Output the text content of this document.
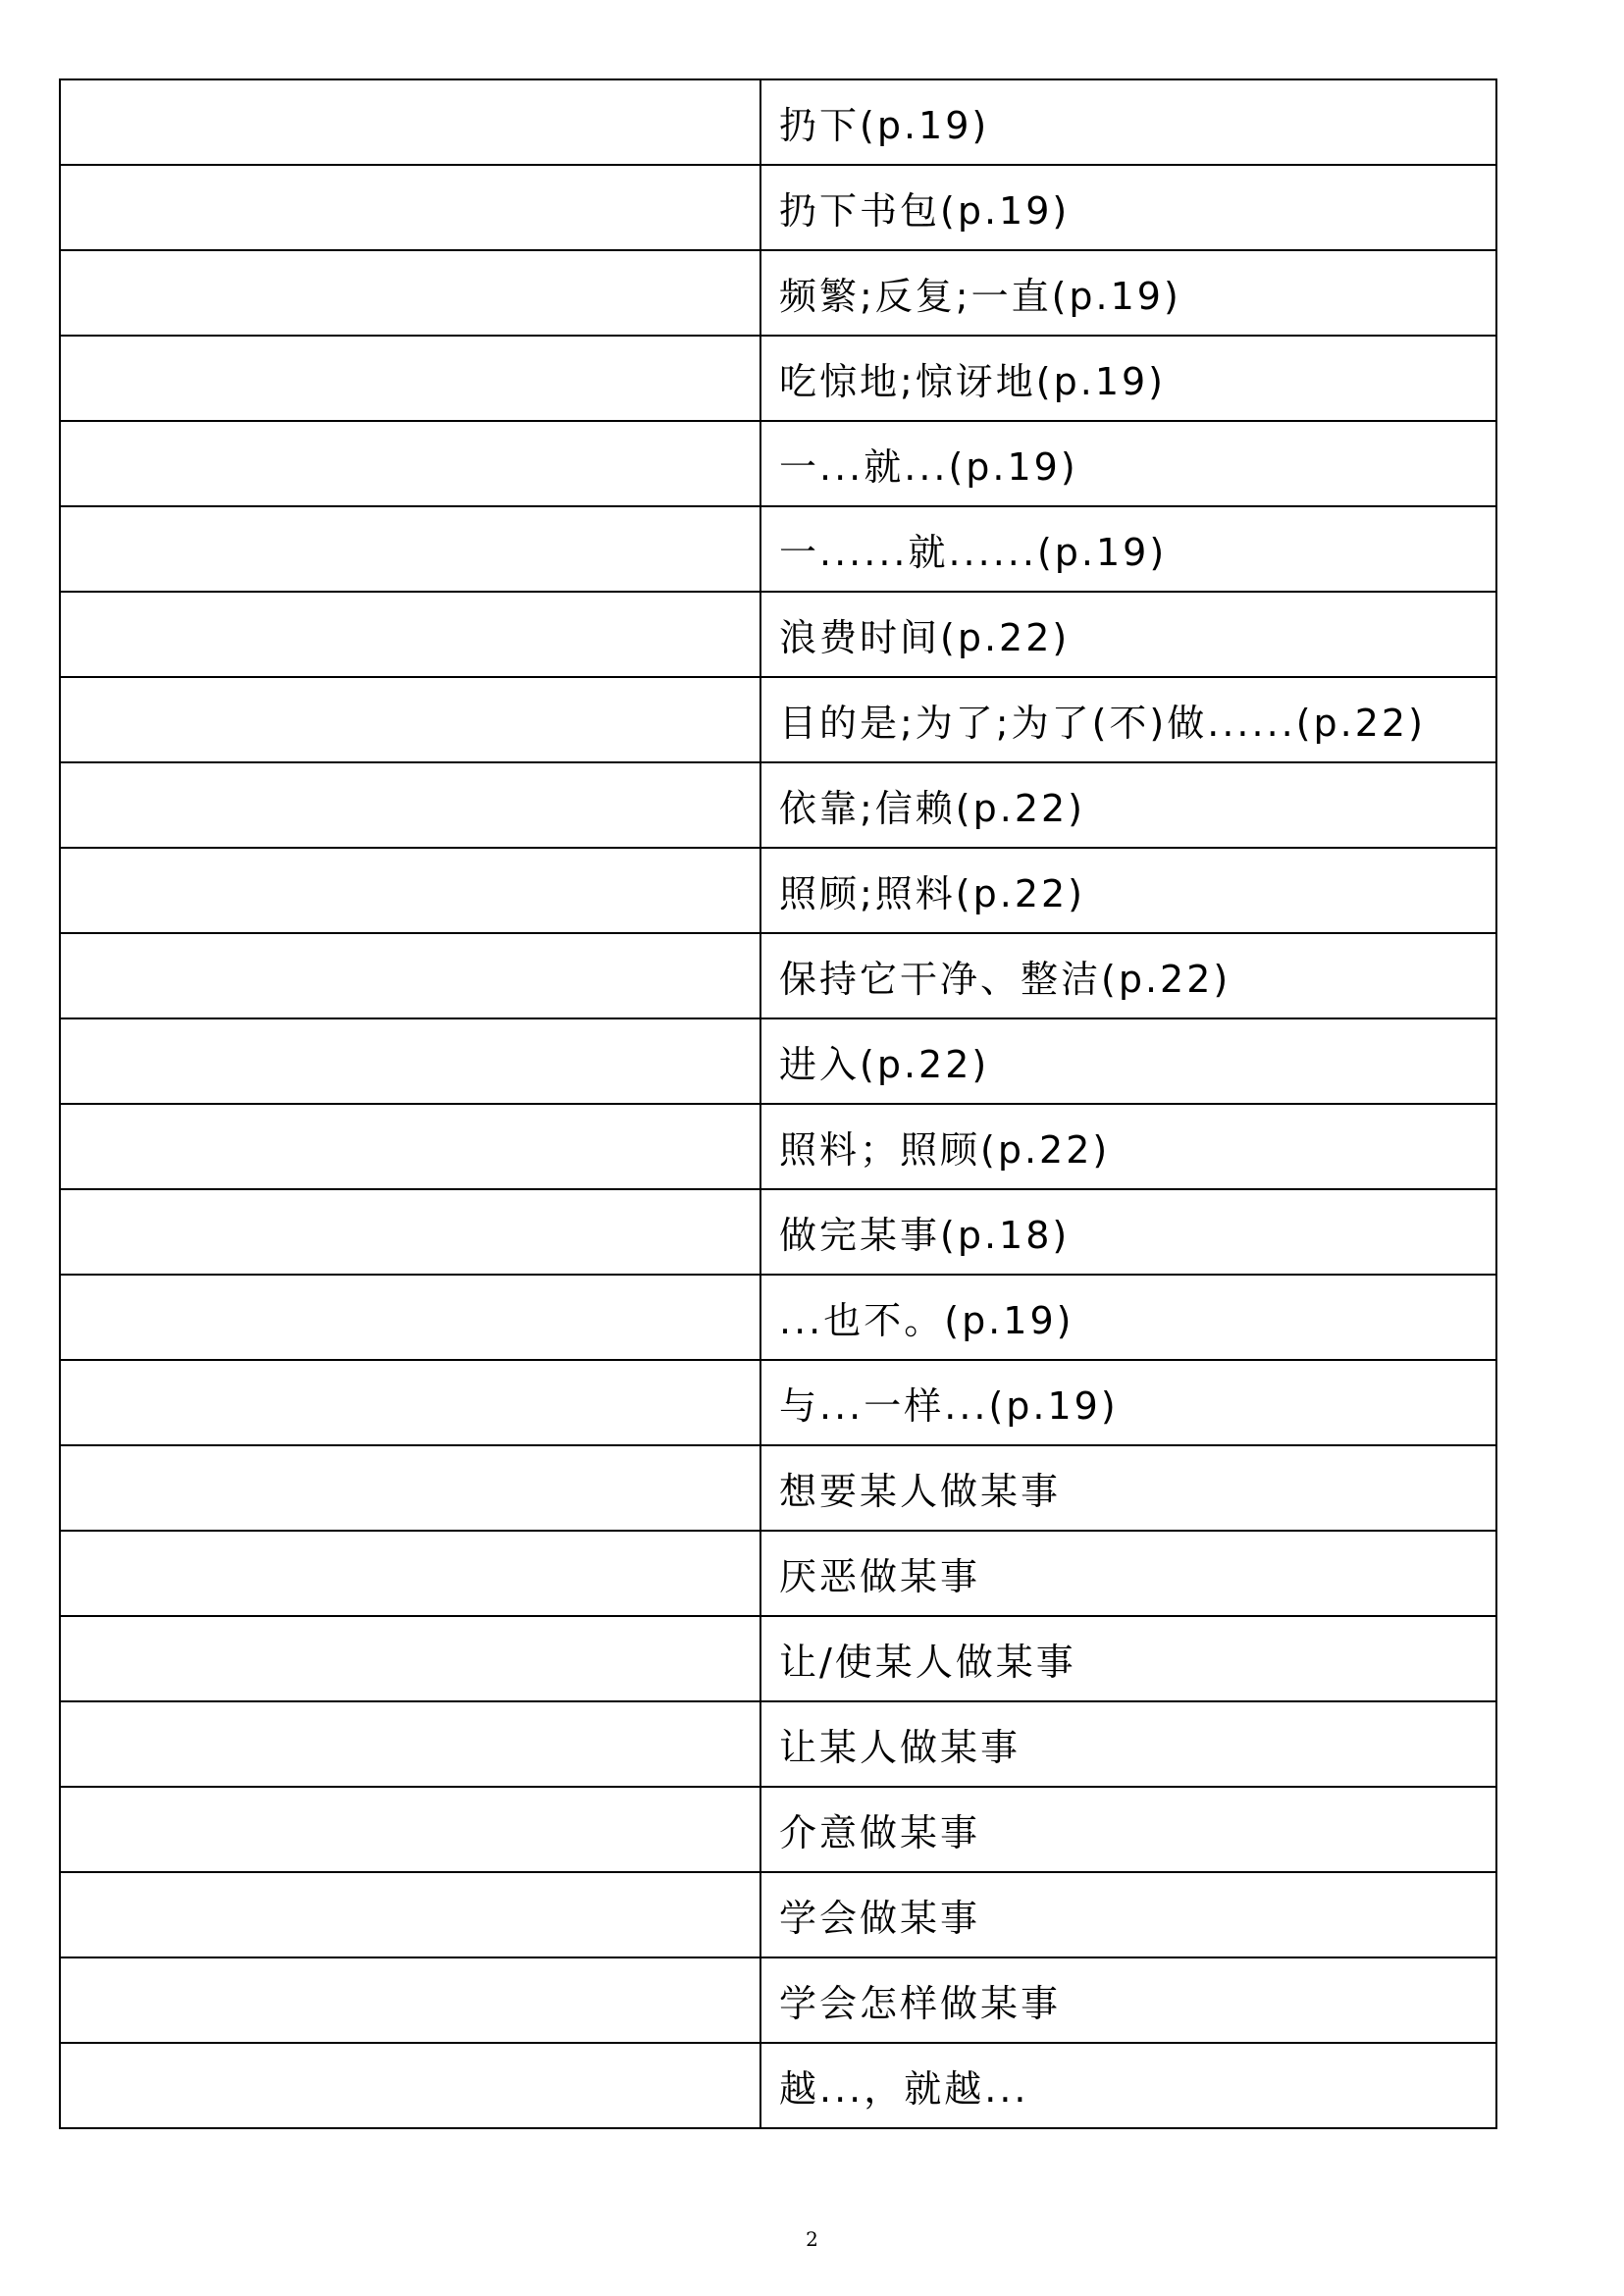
	扔下(p.19)
	扔下书包(p.19)
	频繁;反复;一直(p.19)
	吃惊地;惊讶地(p.19)
	一...就...(p.19)
	一......就......(p.19)
	浪费时间(p.22)
	目的是;为了;为了(不)做......(p.22)
	依靠;信赖(p.22)
	照顾;照料(p.22)
	保持它干净、整洁(p.22)
	进入(p.22)
	照料；照顾(p.22)
	做完某事(p.18)
	...也不。(p.19)
	与...一样...(p.19)
	想要某人做某事
	厌恶做某事
	让/使某人做某事
	让某人做某事
	介意做某事
	学会做某事
	学会怎样做某事
	越...，就越...
2
